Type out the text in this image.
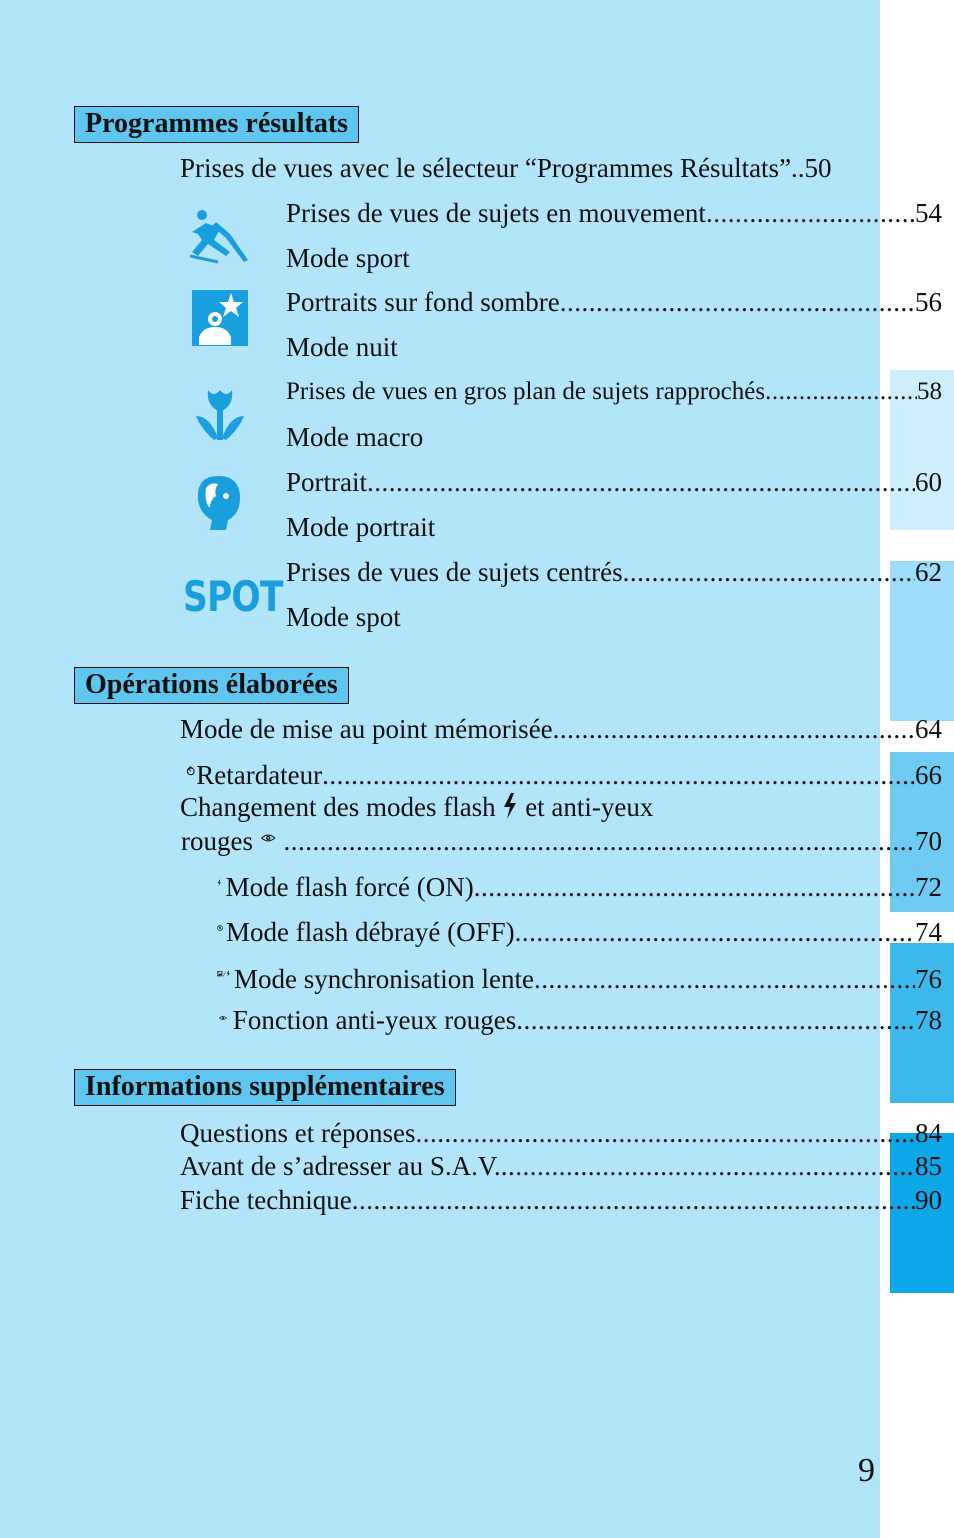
Programmes résultats
Prises de vues avec le sélecteur “Programmes Résultats” .. 50
Prises de vues de sujets en mouvement .....	54
Mode sport
Portraits sur fond sombre .....	56
Mode nuit
Prises de vues en gros plan de sujets rapprochés .....	58
Mode macro
Portrait .....	60
Mode portrait
SPOT Prises de vues de sujets centrés .....	62
Mode spot
Opérations élaborées
Mode de mise au point mémorisée .....	64
Retardateur .....	66
Changement des modes flash et anti-yeux
rouges .....	70
Mode flash forcé (ON) .....	72
Mode flash débrayé (OFF) .....	74
Mode synchronisation lente .....	76
Fonction anti-yeux rouges .....	78
Informations supplémentaires
Questions et réponses .....	84
Avant de s’adresser au S.A.V. .....	85
Fiche technique .....	90
9
